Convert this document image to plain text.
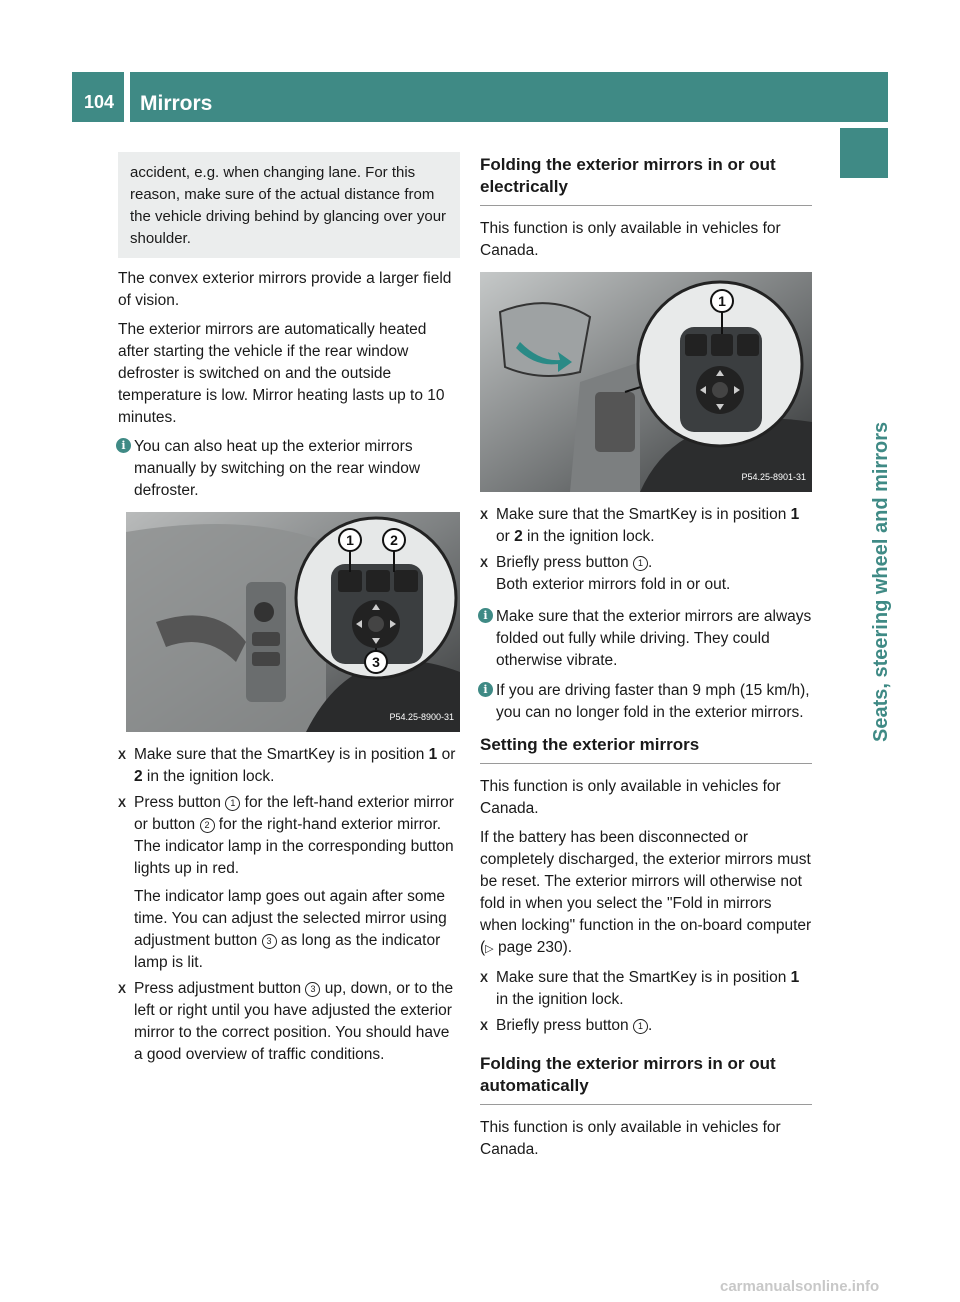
104 Mirrors
Seats, steering wheel and mirrors
accident, e.g. when changing lane. For this reason, make sure of the actual distance from the vehicle driving behind by glancing over your shoulder.

The convex exterior mirrors provide a larger field of vision.

The exterior mirrors are automatically heated after starting the vehicle if the rear window defroster is switched on and the outside temperature is low. Mirror heating lasts up to 10 minutes.

i You can also heat up the exterior mirrors manually by switching on the rear window defroster.
1	2
3
P54.25-8900-31
X Make sure that the SmartKey is in position 1 or 2 in the ignition lock.
X Press button 1 for the left-hand exterior mirror or button 2 for the right-hand exterior mirror.
The indicator lamp in the corresponding button lights up in red.
The indicator lamp goes out again after some time. You can adjust the selected mirror using adjustment button 3 as long as the indicator lamp is lit.
X Press adjustment button 3 up, down, or to the left or right until you have adjusted the exterior mirror to the correct position. You should have a good overview of traffic conditions.
Folding the exterior mirrors in or out electrically

This function is only available in vehicles for Canada.

1
P54.25-8901-31
X Make sure that the SmartKey is in position 1 or 2 in the ignition lock.
X Briefly press button 1 .
Both exterior mirrors fold in or out.
i Make sure that the exterior mirrors are always folded out fully while driving. They could otherwise vibrate.
i If you are driving faster than 9 mph (15 km/h), you can no longer fold in the exterior mirrors.
Setting the exterior mirrors

This function is only available in vehicles for Canada.

If the battery has been disconnected or completely discharged, the exterior mirrors must be reset. The exterior mirrors will otherwise not fold in when you select the "Fold in mirrors when locking" function in the on-board computer (▷ page 230).

X Make sure that the SmartKey is in position 1 in the ignition lock.
X Briefly press button 1 .
Folding the exterior mirrors in or out automatically

This function is only available in vehicles for Canada.

carmanualsonline.info
